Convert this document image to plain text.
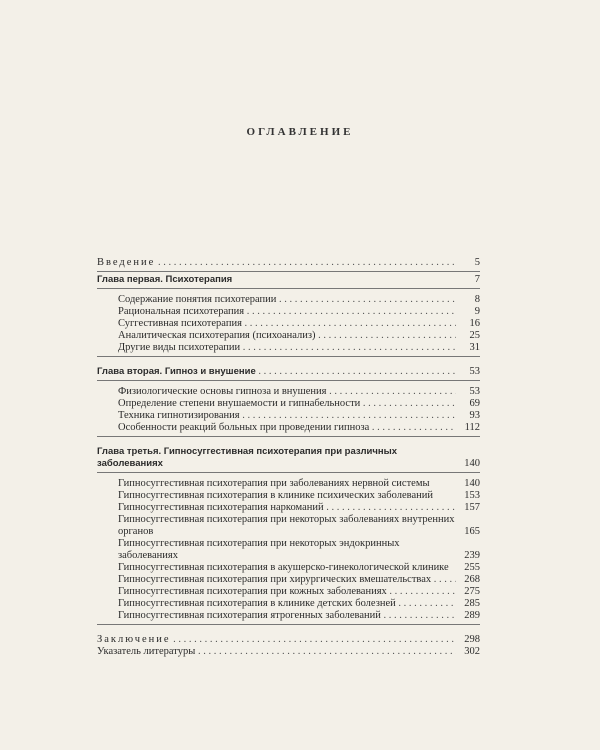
ОГЛАВЛЕНИЕ
Введение . . .	5
Глава первая. Психотерапия	7
Содержание понятия психотерапии . . .	8
Рациональная психотерапия . . .	9
Суггестивная психотерапия . . .	16
Аналитическая психотерапия (психоанализ) . . .	25
Другие виды психотерапии . . .	31
Глава вторая. Гипноз и внушение . . .	53
Физиологические основы гипноза и внушения . . .	53
Определение степени внушаемости и гипнабельности . . .	69
Техника гипнотизирования . . .	93
Особенности реакций больных при проведении гипноза . . .	112
Глава третья. Гипносуггестивная психотерапия при различных заболеваниях	140
Гипносуггестивная психотерапия при заболеваниях нервной системы	140
Гипносуггестивная психотерапия в клинике психических заболеваний	153
Гипносуггестивная психотерапия наркоманий . . .	157
Гипносуггестивная психотерапия при некоторых заболеваниях внутренних органов	165
Гипносуггестивная психотерапия при некоторых эндокринных заболеваниях	239
Гипносуггестивная психотерапия в акушерско-гинекологической клинике	255
Гипносуггестивная психотерапия при хирургических вмешательствах . . .	268
Гипносуггестивная психотерапия при кожных заболеваниях . . .	275
Гипносуггестивная психотерапия в клинике детских болезней . . .	285
Гипносуггестивная психотерапия ятрогенных заболеваний . . .	289
Заключение . . .	298
Указатель литературы . . .	302
